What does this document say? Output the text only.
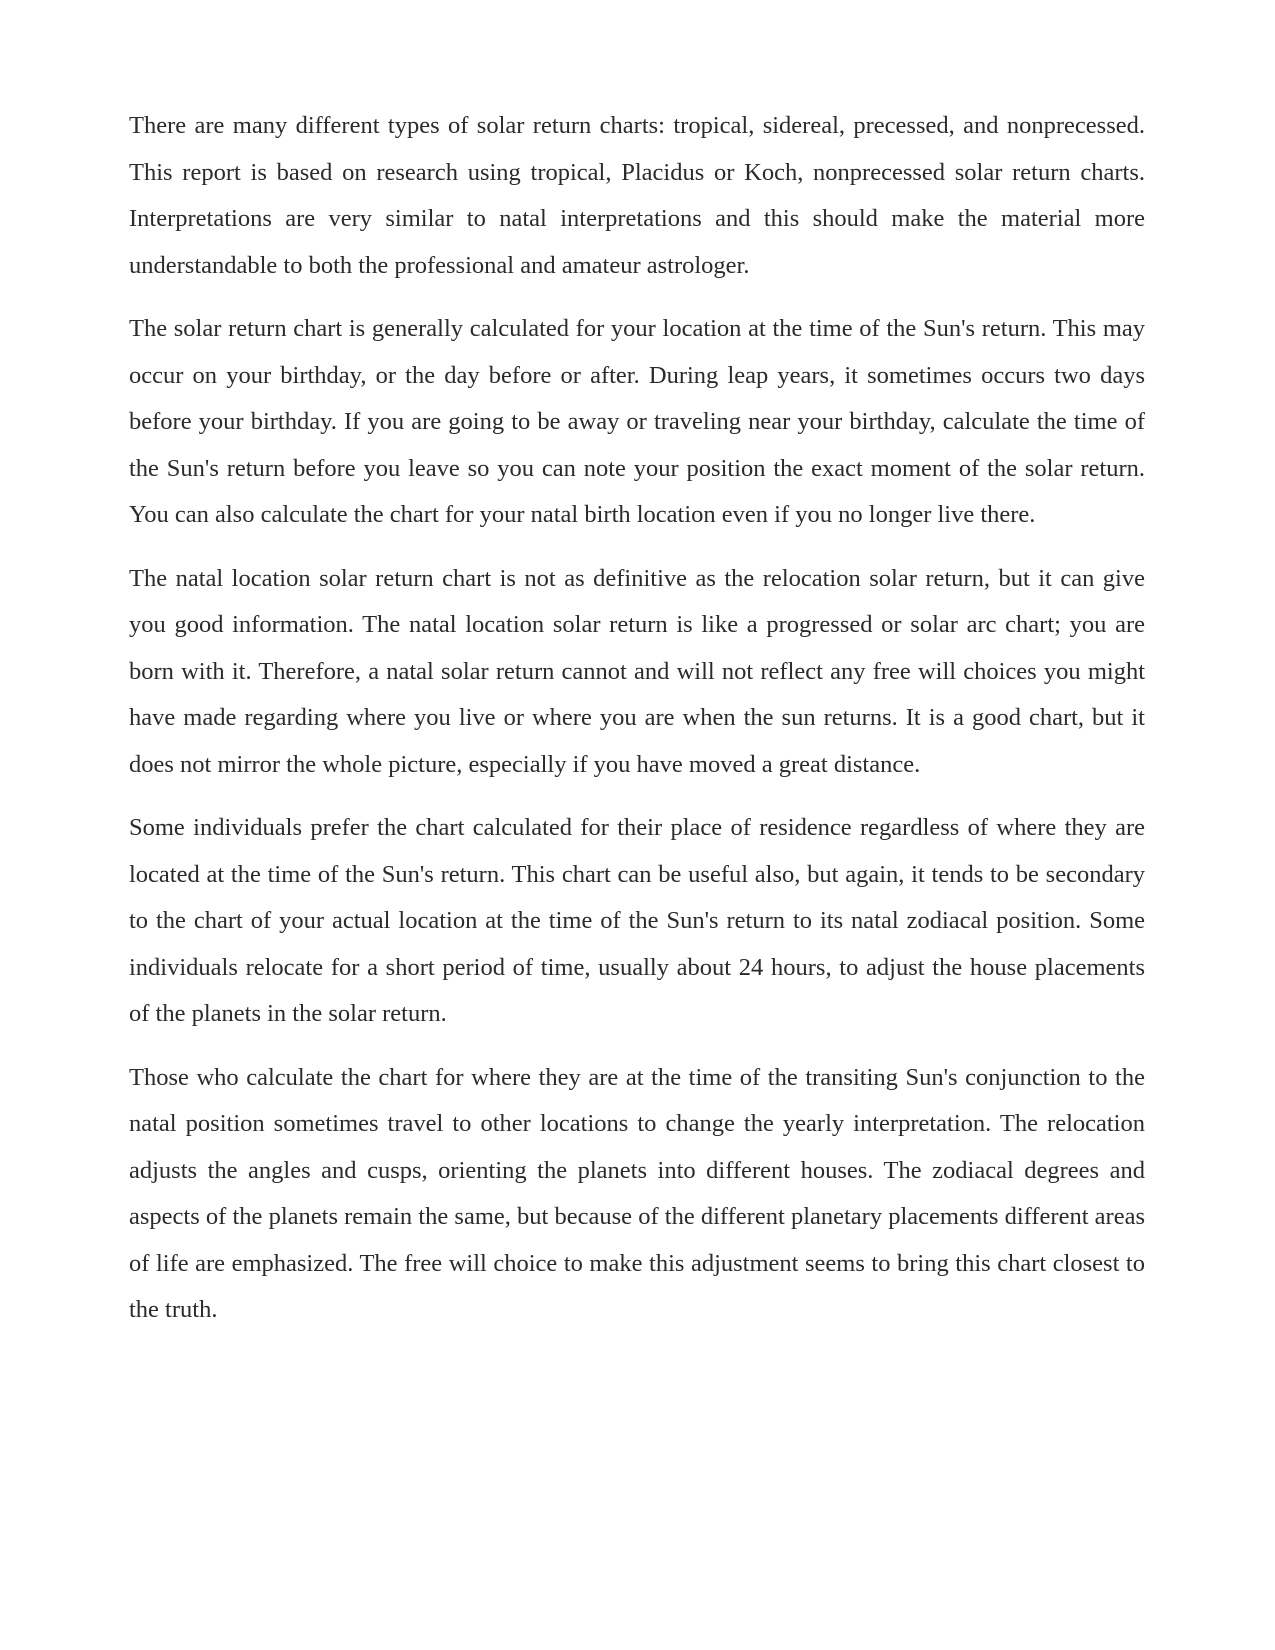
There are many different types of solar return charts: tropical, sidereal, precessed, and nonprecessed. This report is based on research using tropical, Placidus or Koch, nonprecessed solar return charts. Interpretations are very similar to natal interpretations and this should make the material more understandable to both the professional and amateur astrologer.

The solar return chart is generally calculated for your location at the time of the Sun's return. This may occur on your birthday, or the day before or after. During leap years, it sometimes occurs two days before your birthday. If you are going to be away or traveling near your birthday, calculate the time of the Sun's return before you leave so you can note your position the exact moment of the solar return. You can also calculate the chart for your natal birth location even if you no longer live there.

The natal location solar return chart is not as definitive as the relocation solar return, but it can give you good information. The natal location solar return is like a progressed or solar arc chart; you are born with it. Therefore, a natal solar return cannot and will not reflect any free will choices you might have made regarding where you live or where you are when the sun returns. It is a good chart, but it does not mirror the whole picture, especially if you have moved a great distance.

Some individuals prefer the chart calculated for their place of residence regardless of where they are located at the time of the Sun's return. This chart can be useful also, but again, it tends to be secondary to the chart of your actual location at the time of the Sun's return to its natal zodiacal position. Some individuals relocate for a short period of time, usually about 24 hours, to adjust the house placements of the planets in the solar return.

Those who calculate the chart for where they are at the time of the transiting Sun's conjunction to the natal position sometimes travel to other locations to change the yearly interpretation. The relocation adjusts the angles and cusps, orienting the planets into different houses. The zodiacal degrees and aspects of the planets remain the same, but because of the different planetary placements different areas of life are emphasized. The free will choice to make this adjustment seems to bring this chart closest to the truth.
